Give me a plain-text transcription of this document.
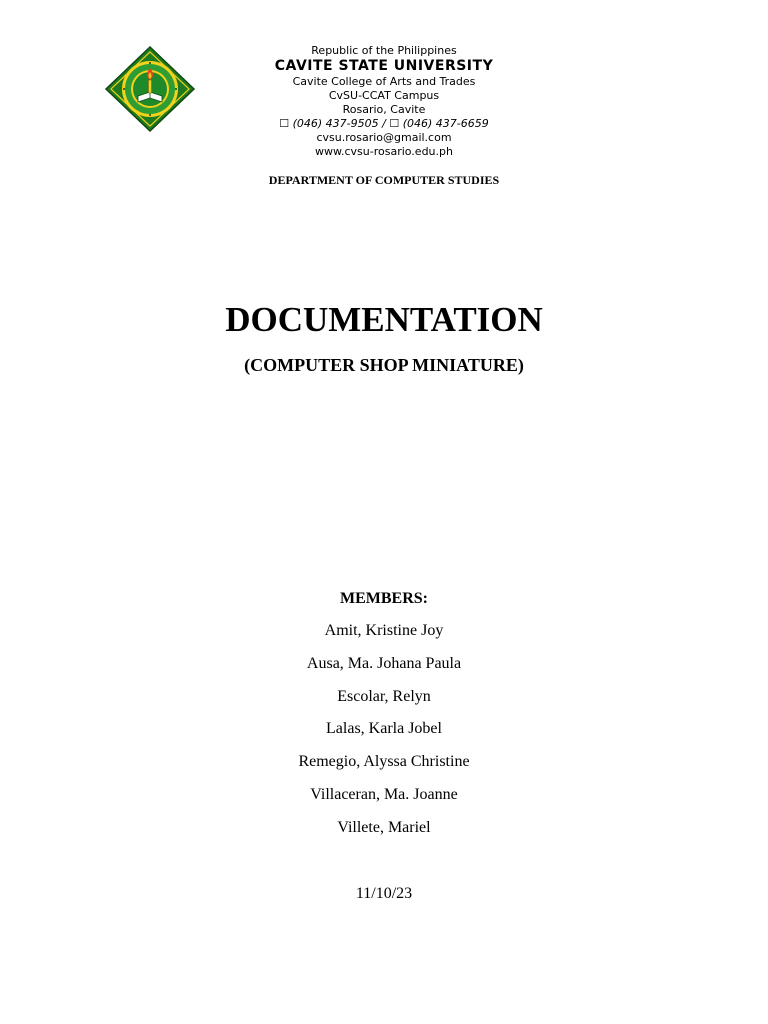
Republic of the Philippines
CAVITE STATE UNIVERSITY
Cavite College of Arts and Trades
CvSU-CCAT Campus
Rosario, Cavite
☐ (046) 437-9505 / ☐ (046) 437-6659
cvsu.rosario@gmail.com
www.cvsu-rosario.edu.ph
DEPARTMENT OF COMPUTER STUDIES
DOCUMENTATION
(COMPUTER SHOP MINIATURE)
MEMBERS:
Amit, Kristine Joy
Ausa, Ma. Johana Paula
Escolar, Relyn
Lalas, Karla Jobel
Remegio, Alyssa Christine
Villaceran, Ma. Joanne
Villete, Mariel
11/10/23
